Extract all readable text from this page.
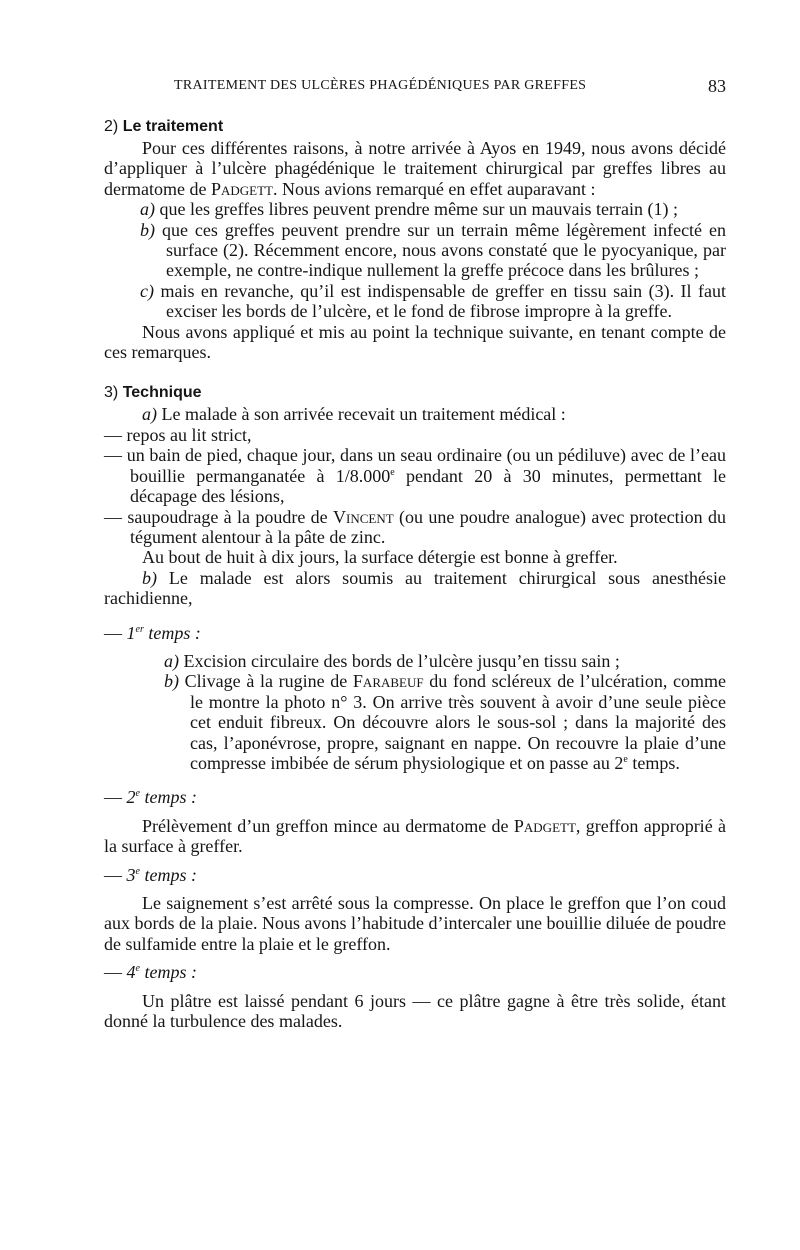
TRAITEMENT DES ULCÈRES PHAGÉDÉNIQUES PAR GREFFES	83
2) Le traitement

Pour ces différentes raisons, à notre arrivée à Ayos en 1949, nous avons décidé d’appliquer à l’ulcère phagédénique le traitement chirurgical par greffes libres au dermatome de Padgett. Nous avions remarqué en effet auparavant :

a) que les greffes libres peuvent prendre même sur un mauvais terrain (1) ;

b) que ces greffes peuvent prendre sur un terrain même légèrement infecté en surface (2). Récemment encore, nous avons constaté que le pyocyanique, par exemple, ne contre-indique nullement la greffe précoce dans les brûlures ;

c) mais en revanche, qu’il est indispensable de greffer en tissu sain (3). Il faut exciser les bords de l’ulcère, et le fond de fibrose impropre à la greffe.

Nous avons appliqué et mis au point la technique suivante, en tenant compte de ces remarques.

3) Technique

a) Le malade à son arrivée recevait un traitement médical :

— repos au lit strict,

— un bain de pied, chaque jour, dans un seau ordinaire (ou un pédiluve) avec de l’eau bouillie permanganatée à 1/8.000e pendant 20 à 30 minutes, permettant le décapage des lésions,

— saupoudrage à la poudre de Vincent (ou une poudre analogue) avec protection du tégument alentour à la pâte de zinc.

Au bout de huit à dix jours, la surface détergie est bonne à greffer.

b) Le malade est alors soumis au traitement chirurgical sous anesthésie rachidienne,

— 1er temps :

a) Excision circulaire des bords de l’ulcère jusqu’en tissu sain ;

b) Clivage à la rugine de Farabeuf du fond scléreux de l’ulcération, comme le montre la photo n° 3. On arrive très souvent à avoir d’une seule pièce cet enduit fibreux. On découvre alors le sous-sol ; dans la majorité des cas, l’aponévrose, propre, saignant en nappe. On recouvre la plaie d’une compresse imbibée de sérum physiologique et on passe au 2e temps.

— 2e temps :

Prélèvement d’un greffon mince au dermatome de Padgett, greffon approprié à la surface à greffer.

— 3e temps :

Le saignement s’est arrêté sous la compresse. On place le greffon que l’on coud aux bords de la plaie. Nous avons l’habitude d’intercaler une bouillie diluée de poudre de sulfamide entre la plaie et le greffon.

— 4e temps :

Un plâtre est laissé pendant 6 jours — ce plâtre gagne à être très solide, étant donné la turbulence des malades.
